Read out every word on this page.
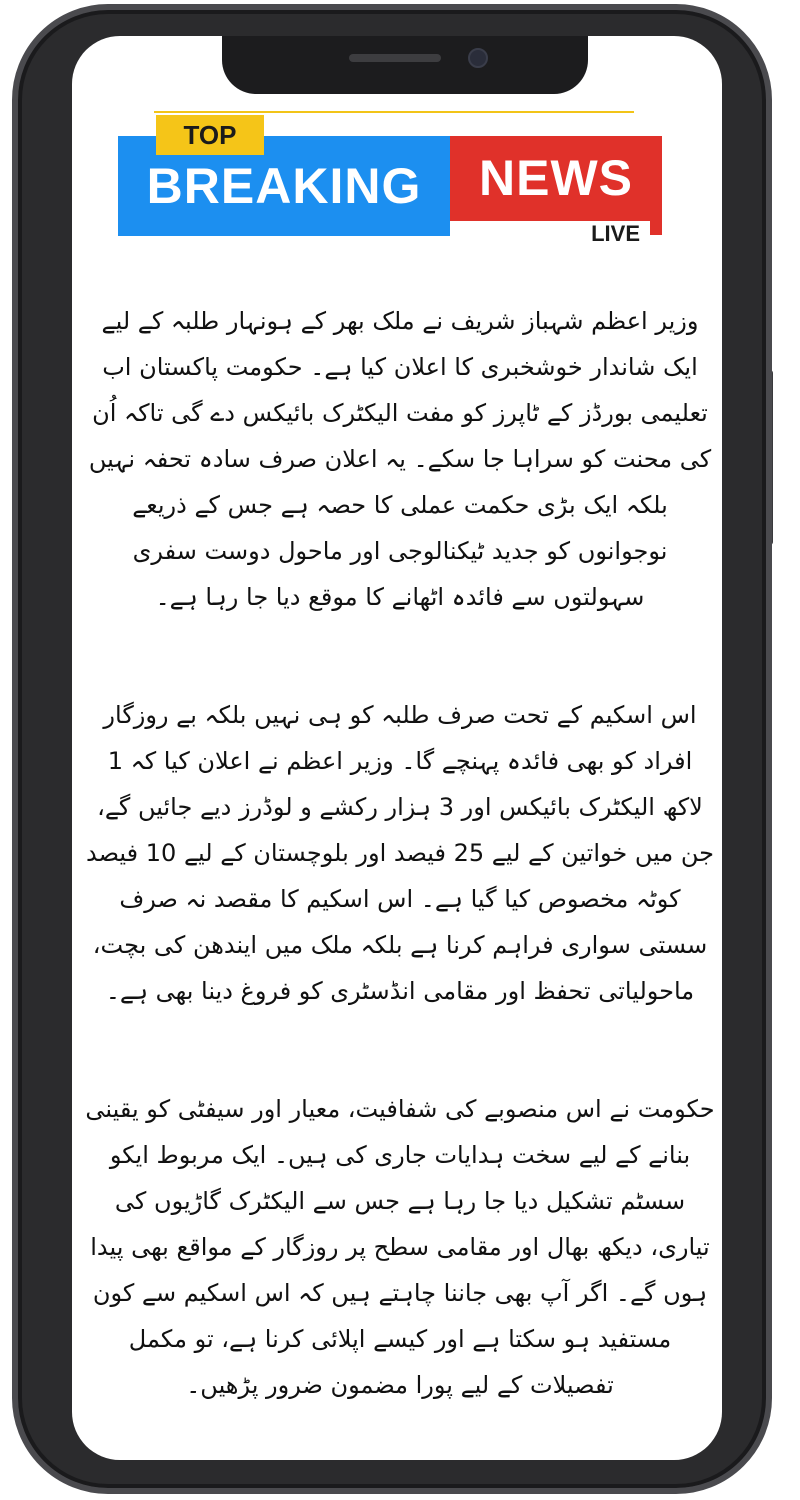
BREAKING
TOP
NEWS
LIVE

وزیر اعظم شہباز شریف نے ملک بھر کے ہونہار طلبہ کے لیے ایک شاندار خوشخبری کا اعلان کیا ہے۔ حکومت پاکستان اب تعلیمی بورڈز کے ٹاپرز کو مفت الیکٹرک بائیکس دے گی تاکہ اُن کی محنت کو سراہا جا سکے۔ یہ اعلان صرف سادہ تحفہ نہیں بلکہ ایک بڑی حکمت عملی کا حصہ ہے جس کے ذریعے نوجوانوں کو جدید ٹیکنالوجی اور ماحول دوست سفری سہولتوں سے فائدہ اٹھانے کا موقع دیا جا رہا ہے۔

اس اسکیم کے تحت صرف طلبہ کو ہی نہیں بلکہ بے روزگار افراد کو بھی فائدہ پہنچے گا۔ وزیر اعظم نے اعلان کیا کہ 1 لاکھ الیکٹرک بائیکس اور 3 ہزار رکشے و لوڈرز دیے جائیں گے، جن میں خواتین کے لیے 25 فیصد اور بلوچستان کے لیے 10 فیصد کوٹہ مخصوص کیا گیا ہے۔ اس اسکیم کا مقصد نہ صرف سستی سواری فراہم کرنا ہے بلکہ ملک میں ایندھن کی بچت، ماحولیاتی تحفظ اور مقامی انڈسٹری کو فروغ دینا بھی ہے۔

حکومت نے اس منصوبے کی شفافیت، معیار اور سیفٹی کو یقینی بنانے کے لیے سخت ہدایات جاری کی ہیں۔ ایک مربوط ایکو سسٹم تشکیل دیا جا رہا ہے جس سے الیکٹرک گاڑیوں کی تیاری، دیکھ بھال اور مقامی سطح پر روزگار کے مواقع بھی پیدا ہوں گے۔ اگر آپ بھی جاننا چاہتے ہیں کہ اس اسکیم سے کون مستفید ہو سکتا ہے اور کیسے اپلائی کرنا ہے، تو مکمل تفصیلات کے لیے پورا مضمون ضرور پڑھیں۔
